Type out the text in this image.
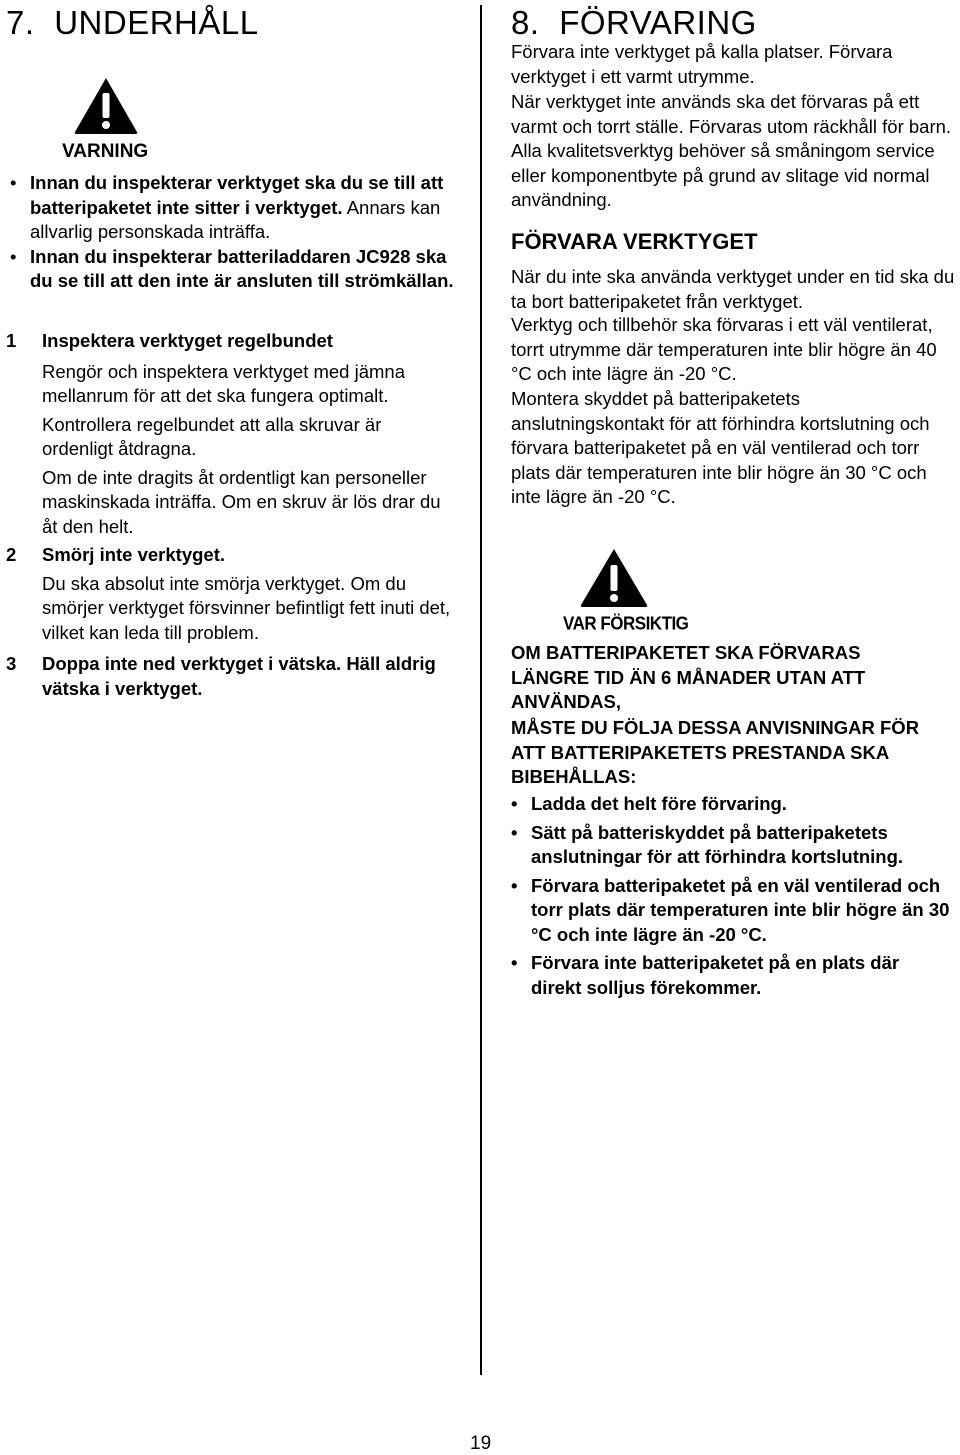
7. UNDERHÅLL
VARNING
• Innan du inspekterar verktyget ska du se till att batteripaketet inte sitter i verktyget. Annars kan allvarlig personskada inträffa.
• Innan du inspekterar batteriladdaren JC928 ska du se till att den inte är ansluten till strömkällan.
1 Inspektera verktyget regelbundet
Rengör och inspektera verktyget med jämna mellanrum för att det ska fungera optimalt.
Kontrollera regelbundet att alla skruvar är ordenligt åtdragna.
Om de inte dragits åt ordentligt kan personeller maskinskada inträffa. Om en skruv är lös drar du åt den helt.
2 Smörj inte verktyget.
Du ska absolut inte smörja verktyget. Om du smörjer verktyget försvinner befintligt fett inuti det, vilket kan leda till problem.
3 Doppa inte ned verktyget i vätska. Häll aldrig vätska i verktyget.
8. FÖRVARING

Förvara inte verktyget på kalla platser. Förvara verktyget i ett varmt utrymme.

När verktyget inte används ska det förvaras på ett varmt och torrt ställe. Förvaras utom räckhåll för barn. Alla kvalitetsverktyg behöver så småningom service eller komponentbyte på grund av slitage vid normal användning.

FÖRVARA VERKTYGET

När du inte ska använda verktyget under en tid ska du ta bort batteripaketet från verktyget.

Verktyg och tillbehör ska förvaras i ett väl ventilerat, torrt utrymme där temperaturen inte blir högre än 40 °C och inte lägre än -20 °C.

Montera skyddet på batteripaketets anslutningskontakt för att förhindra kortslutning och förvara batteripaketet på en väl ventilerad och torr plats där temperaturen inte blir högre än 30 °C och inte lägre än -20 °C.

VAR FÖRSIKTIG

OM BATTERIPAKETET SKA FÖRVARAS LÄNGRE TID ÄN 6 MÅNADER UTAN ATT ANVÄNDAS,

MÅSTE DU FÖLJA DESSA ANVISNINGAR FÖR ATT BATTERIPAKETETS PRESTANDA SKA BIBEHÅLLAS:

• Ladda det helt före förvaring.
• Sätt på batteriskyddet på batteripaketets anslutningar för att förhindra kortslutning.
• Förvara batteripaketet på en väl ventilerad och torr plats där temperaturen inte blir högre än 30 °C och inte lägre än -20 °C.
• Förvara inte batteripaketet på en plats där direkt solljus förekommer.
19
